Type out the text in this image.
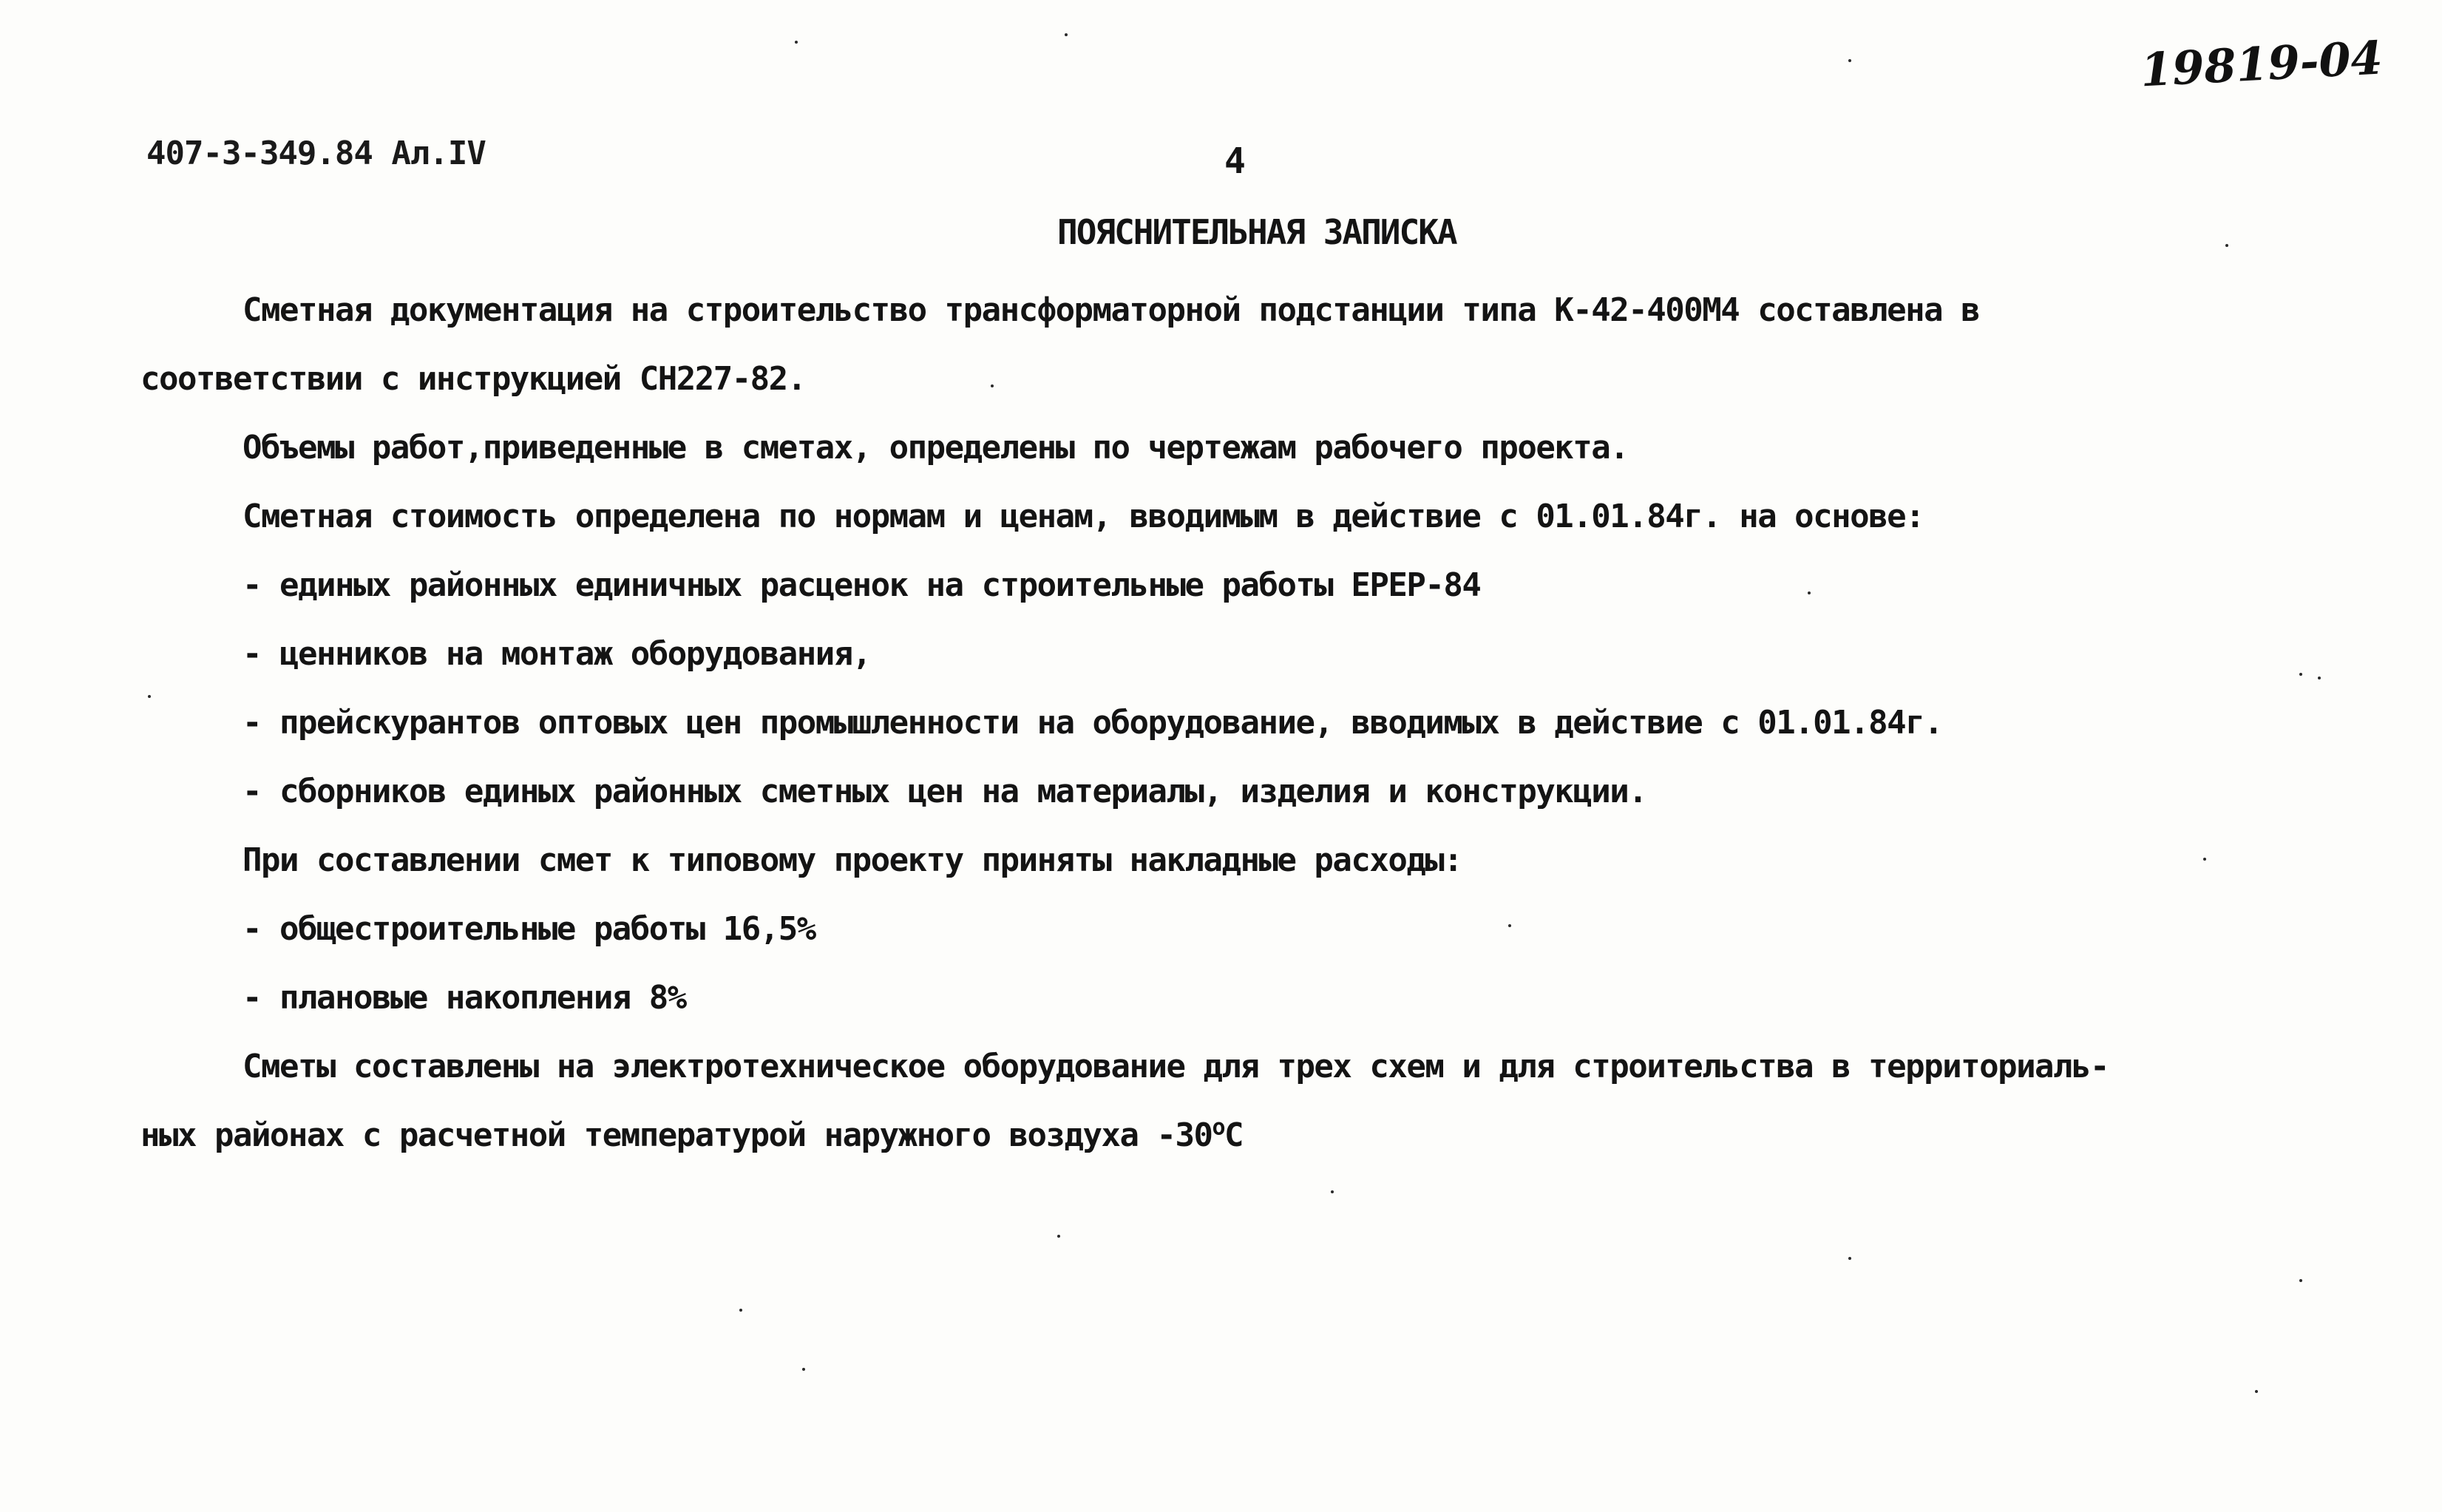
407-3-349.84 Ал.IV
19819-04
4
ПОЯСНИТЕЛЬНАЯ ЗАПИСКА
Сметная документация на строительство трансформаторной подстанции типа К-42-400М4 составлена в
соответствии с инструкцией СН227-82.
Объемы работ,приведенные в сметах, определены по чертежам рабочего проекта.
Сметная стоимость определена по нормам и ценам, вводимым в действие с 01.01.84г. на основе:
- единых районных единичных расценок на строительные работы ЕРЕР-84
- ценников на монтаж оборудования,
- прейскурантов оптовых цен промышленности на оборудование, вводимых в действие с 01.01.84г.
- сборников единых районных сметных цен на материалы, изделия и конструкции.
При составлении смет к типовому проекту приняты накладные расходы:
- общестроительные работы 16,5%
- плановые накопления 8%
Сметы составлены на электротехническое оборудование для трех схем и для строительства в территориаль-
ных районах с расчетной температурой наружного воздуха -30$^o$C
